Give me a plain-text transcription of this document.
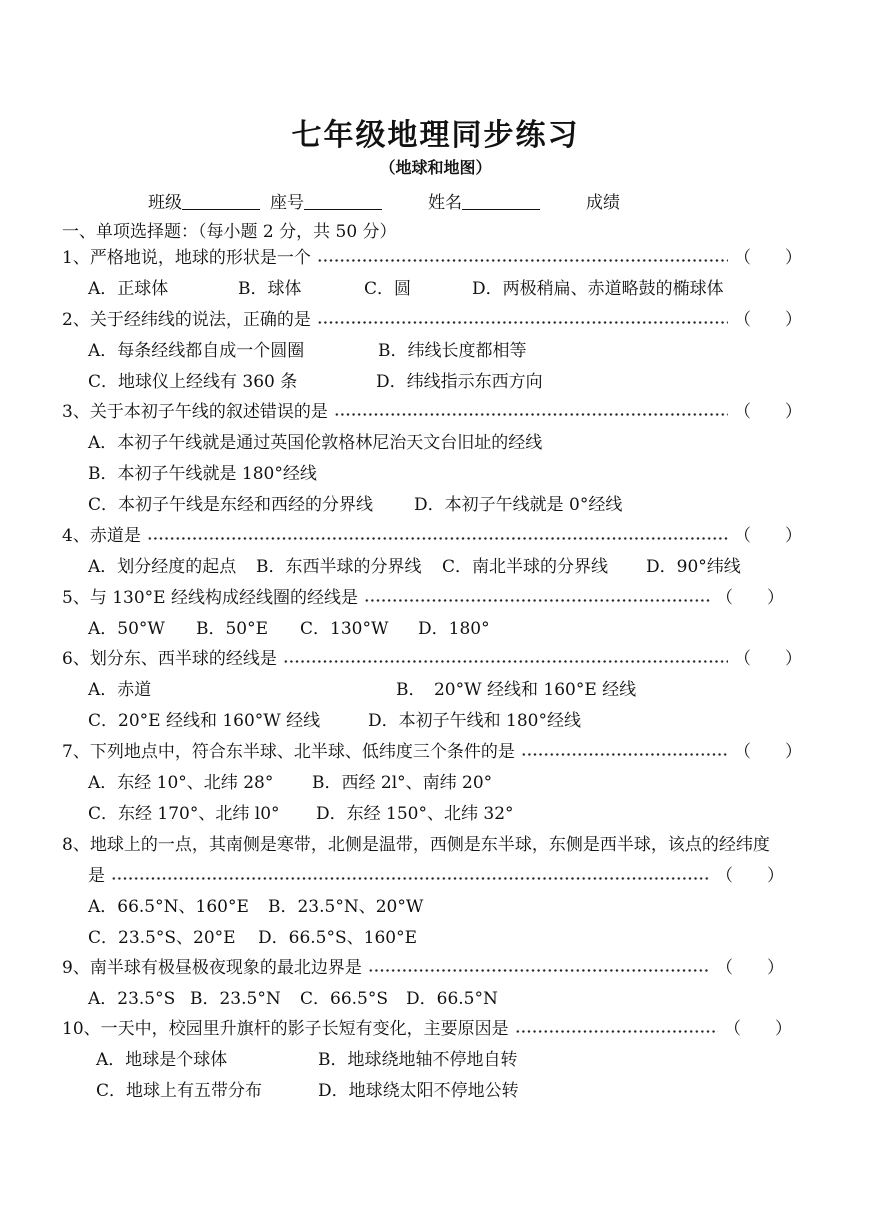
七年级地理同步练习
（地球和地图）
班级	座号	姓名	成绩
一、单项选择题：（每小题 2 分，共 50 分）
1、严格地说，地球的形状是一个	（　　）
A．正球体	B．球体	C．圆	D．两极稍扁、赤道略鼓的椭球体
2、关于经纬线的说法，正确的是	（　　）
A．每条经线都自成一个圆圈	B．纬线长度都相等
C．地球仪上经线有 360 条	D．纬线指示东西方向
3、关于本初子午线的叙述错误的是	（　　）
A．本初子午线就是通过英国伦敦格林尼治天文台旧址的经线
B．本初子午线就是 180°经线
C．本初子午线是东经和西经的分界线 D．本初子午线就是 0°经线
4、赤道是	（　　）
A．划分经度的起点 B．东西半球的分界线 C．南北半球的分界线 D．90°纬线
5、与 130°E 经线构成经线圈的经线是	（　　）
A．50°W B．50°E C．130°W D．180°
6、划分东、西半球的经线是	（　　）
A．赤道	B．　20°W 经线和 160°E 经线
C．20°E 经线和 160°W 经线	D．本初子午线和 180°经线
7、下列地点中，符合东半球、北半球、低纬度三个条件的是	（　　）
A．东经 10°、北纬 28° B．西经 2l°、南纬 20°
C．东经 170°、北纬 l0° D．东经 150°、北纬 32°
8、地球上的一点，其南侧是寒带，北侧是温带，西侧是东半球，东侧是西半球，该点的经纬度
是	（　　）
A．66.5°N、160°E B．23.5°N、20°W
C．23.5°S、20°E D．66.5°S、160°E
9、南半球有极昼极夜现象的最北边界是	（　　）
A．23.5°S B．23.5°N C．66.5°S D．66.5°N
10、一天中，校园里升旗杆的影子长短有变化，主要原因是	（　　）
A．地球是个球体	B．地球绕地轴不停地自转
C．地球上有五带分布	D．地球绕太阳不停地公转
